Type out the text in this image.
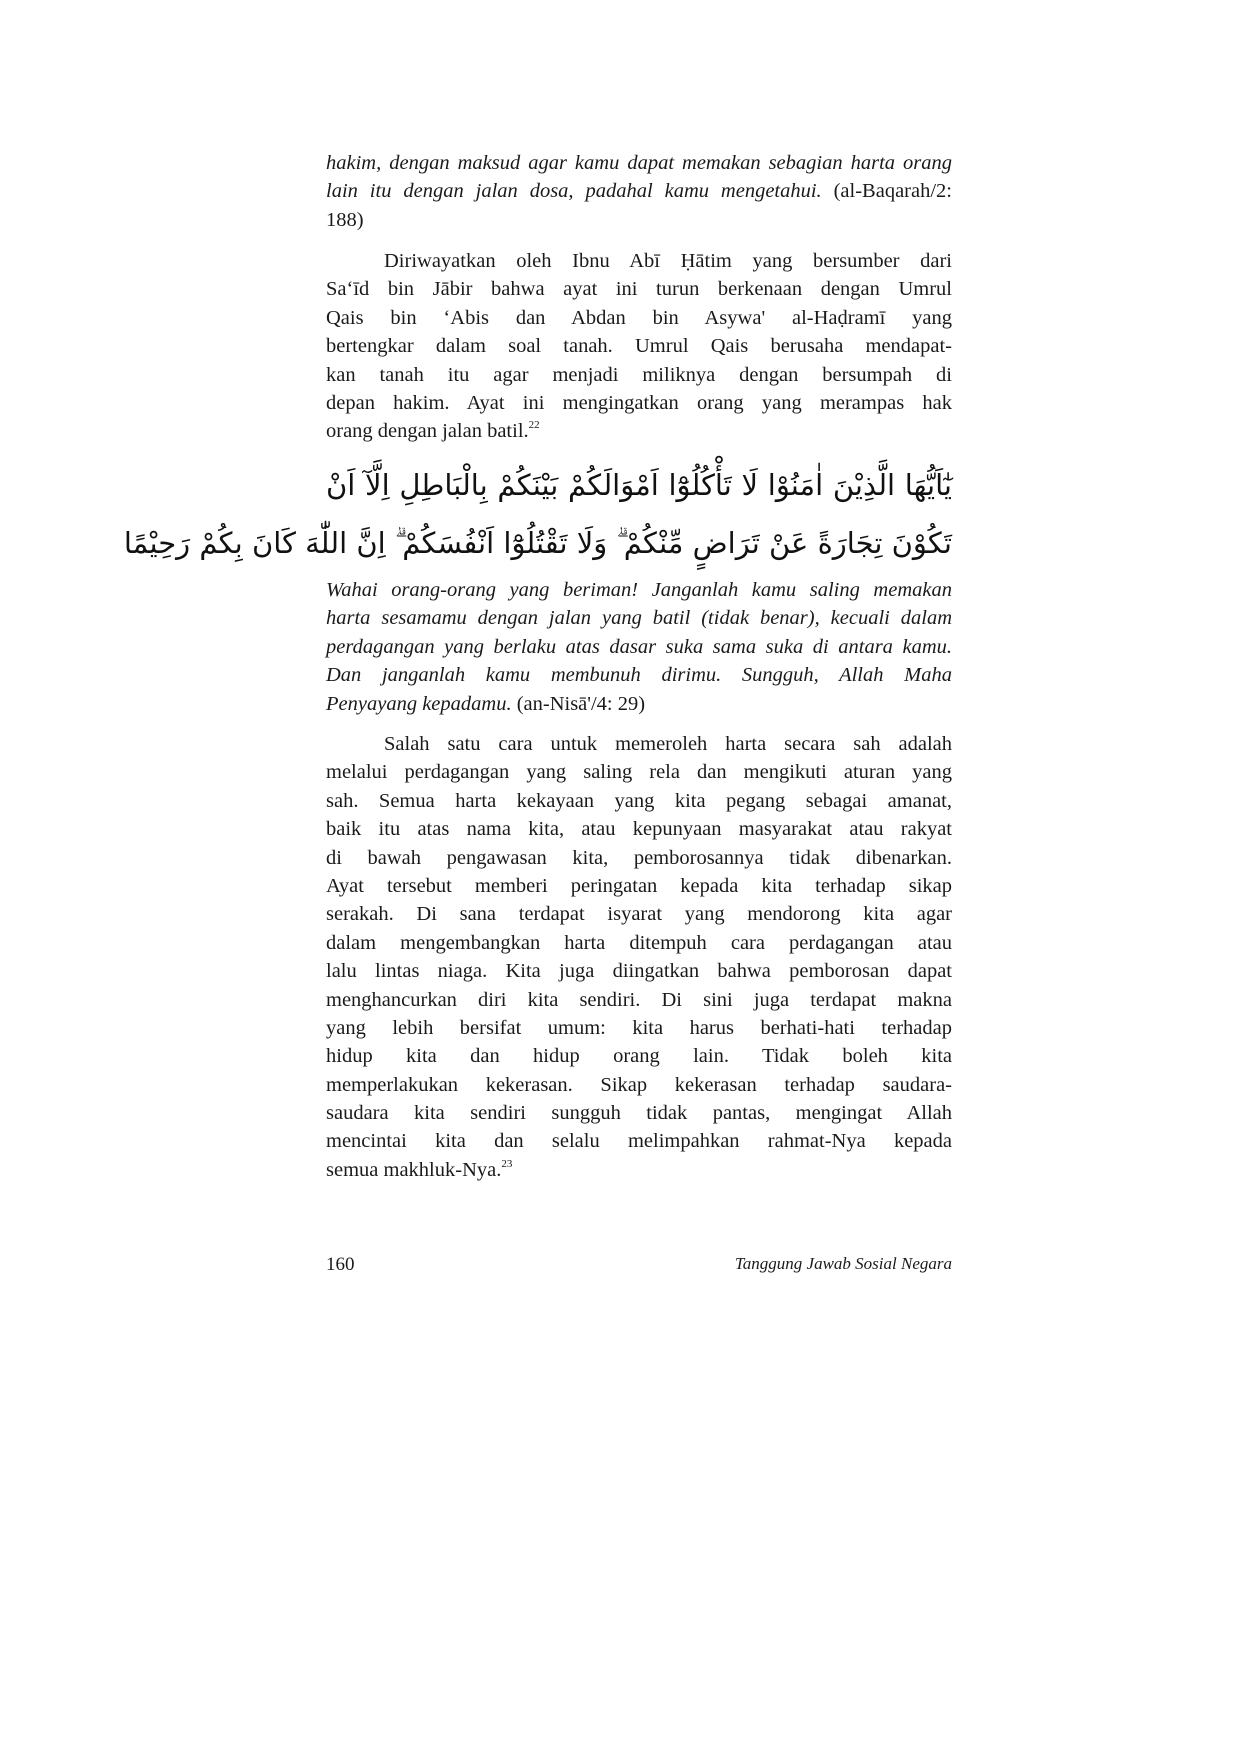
hakim, dengan maksud agar kamu dapat memakan sebagian harta orang
lain itu dengan jalan dosa, padahal kamu mengetahui. (al-Baqarah/2:
188)
Diriwayatkan oleh Ibnu Abī Ḥātim yang bersumber dari
Sa‘īd bin Jābir bahwa ayat ini turun berkenaan dengan Umrul
Qais bin ‘Abis dan Abdan bin Asywa' al-Haḍramī yang
bertengkar dalam soal tanah. Umrul Qais berusaha mendapat-
kan tanah itu agar menjadi miliknya dengan bersumpah di
depan hakim. Ayat ini mengingatkan orang yang merampas hak
orang dengan jalan batil.$^{22}$
يٰٓاَيُّهَا الَّذِيْنَ اٰمَنُوْا لَا تَأْكُلُوْٓا اَمْوَالَكُمْ بَيْنَكُمْ بِالْبَاطِلِ اِلَّآ اَنْ
تَكُوْنَ تِجَارَةً عَنْ تَرَاضٍ مِّنْكُمْ ۗ وَلَا تَقْتُلُوْٓا اَنْفُسَكُمْ ۗ اِنَّ اللّٰهَ كَانَ بِكُمْ رَحِيْمًا
Wahai orang-orang yang beriman! Janganlah kamu saling memakan
harta sesamamu dengan jalan yang batil (tidak benar), kecuali dalam
perdagangan yang berlaku atas dasar suka sama suka di antara kamu.
Dan janganlah kamu membunuh dirimu. Sungguh, Allah Maha
Penyayang kepadamu. (an-Nisā'/4: 29)
Salah satu cara untuk memeroleh harta secara sah adalah
melalui perdagangan yang saling rela dan mengikuti aturan yang
sah. Semua harta kekayaan yang kita pegang sebagai amanat,
baik itu atas nama kita, atau kepunyaan masyarakat atau rakyat
di bawah pengawasan kita, pemborosannya tidak dibenarkan.
Ayat tersebut memberi peringatan kepada kita terhadap sikap
serakah. Di sana terdapat isyarat yang mendorong kita agar
dalam mengembangkan harta ditempuh cara perdagangan atau
lalu lintas niaga. Kita juga diingatkan bahwa pemborosan dapat
menghancurkan diri kita sendiri. Di sini juga terdapat makna
yang lebih bersifat umum: kita harus berhati-hati terhadap
hidup kita dan hidup orang lain. Tidak boleh kita
memperlakukan kekerasan. Sikap kekerasan terhadap saudara-
saudara kita sendiri sungguh tidak pantas, mengingat Allah
mencintai kita dan selalu melimpahkan rahmat-Nya kepada
semua makhluk-Nya.$^{23}$
160	Tanggung Jawab Sosial Negara
